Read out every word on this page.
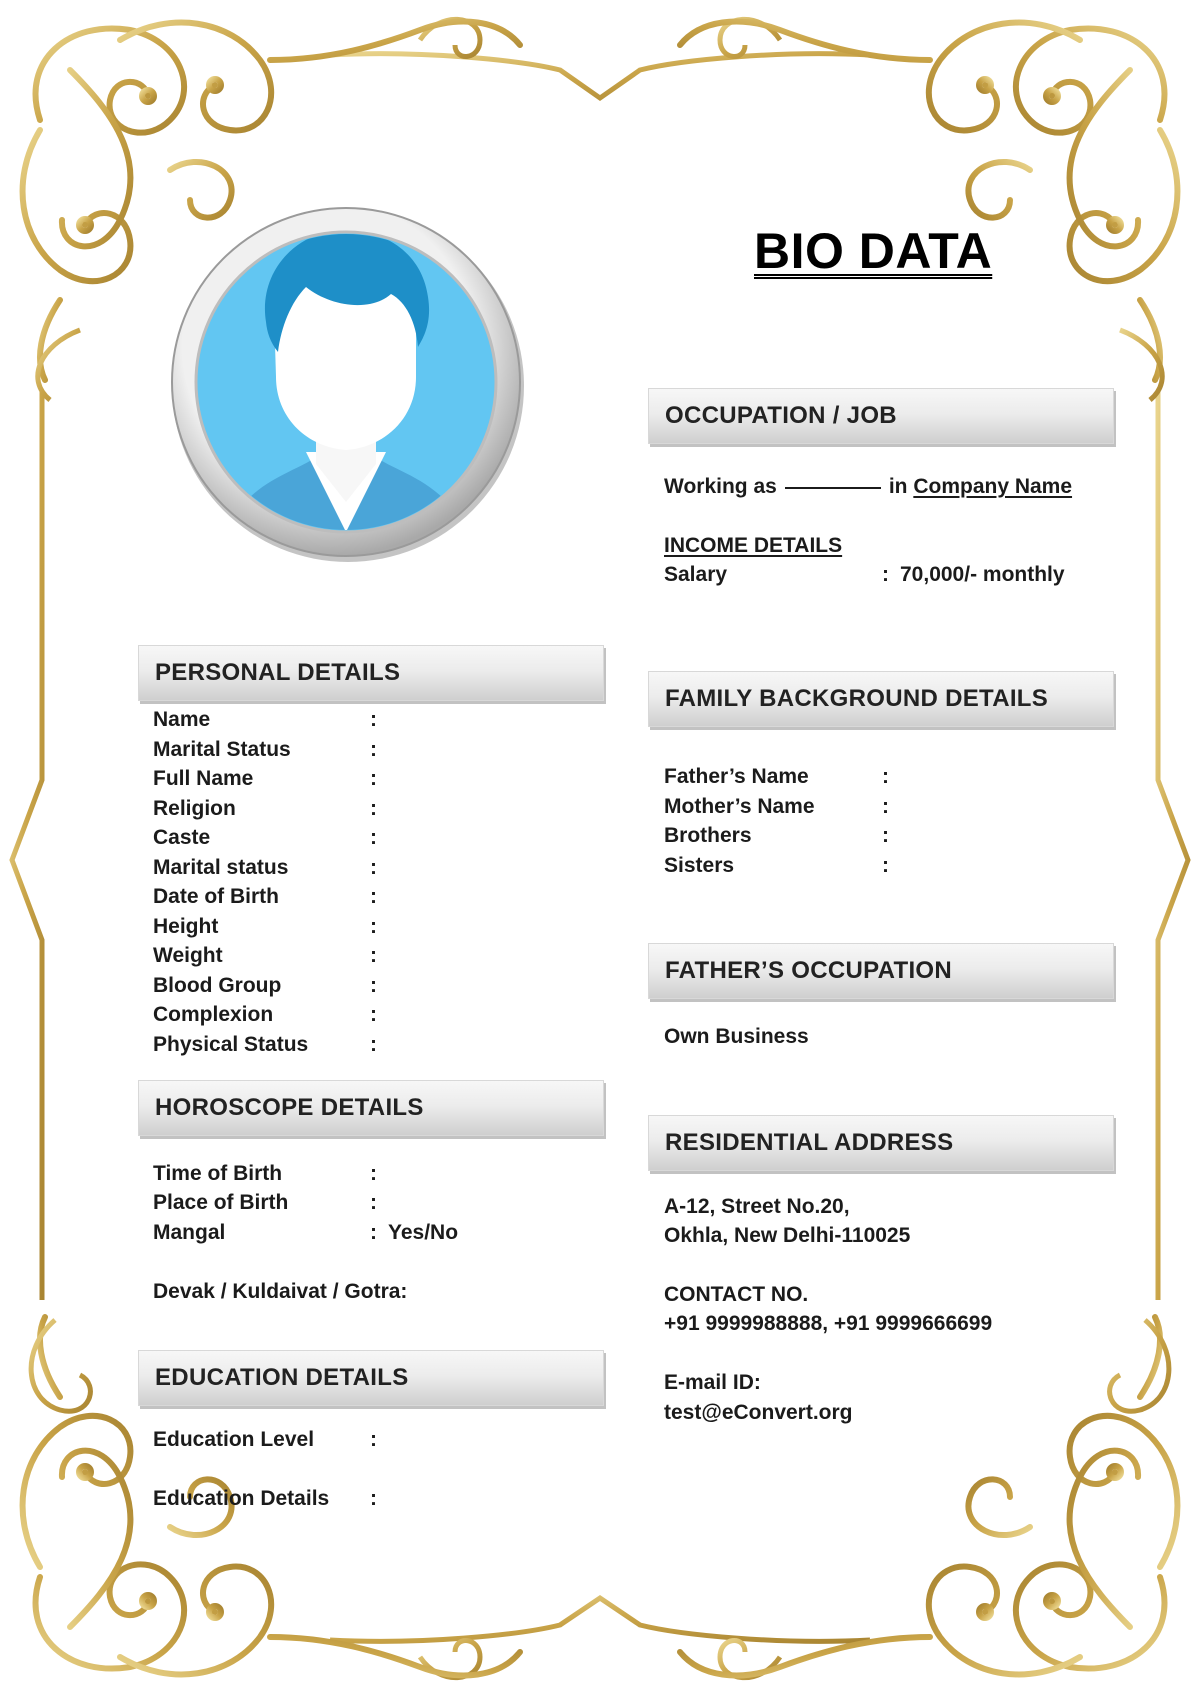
BIO DATA
OCCUPATION / JOB
Working as	in Company Name
INCOME DETAILS
Salary	: 70,000/- monthly
PERSONAL DETAILS
FAMILY BACKGROUND DETAILS
FATHER’S OCCUPATION
Own Business
HOROSCOPE DETAILS
Time of Birth	:
Place of Birth	:
Mangal	: Yes/No
Devak / Kuldaivat / Gotra:
RESIDENTIAL ADDRESS
A-12, Street No.20,
Okhla, New Delhi-110025
CONTACT NO.
+91 9999988888, +91 9999666699
E-mail ID:
test@eConvert.org
EDUCATION DETAILS
Education Level	:
Education Details :
Name	:
Marital Status	:
Full Name	:
Religion	:
Caste	:
Marital status	:
Date of Birth	:
Height	:
Weight	:
Blood Group	:
Complexion	:
Physical Status	:
Father’s Name	:
Mother’s Name	:
Brothers	:
Sisters	:
